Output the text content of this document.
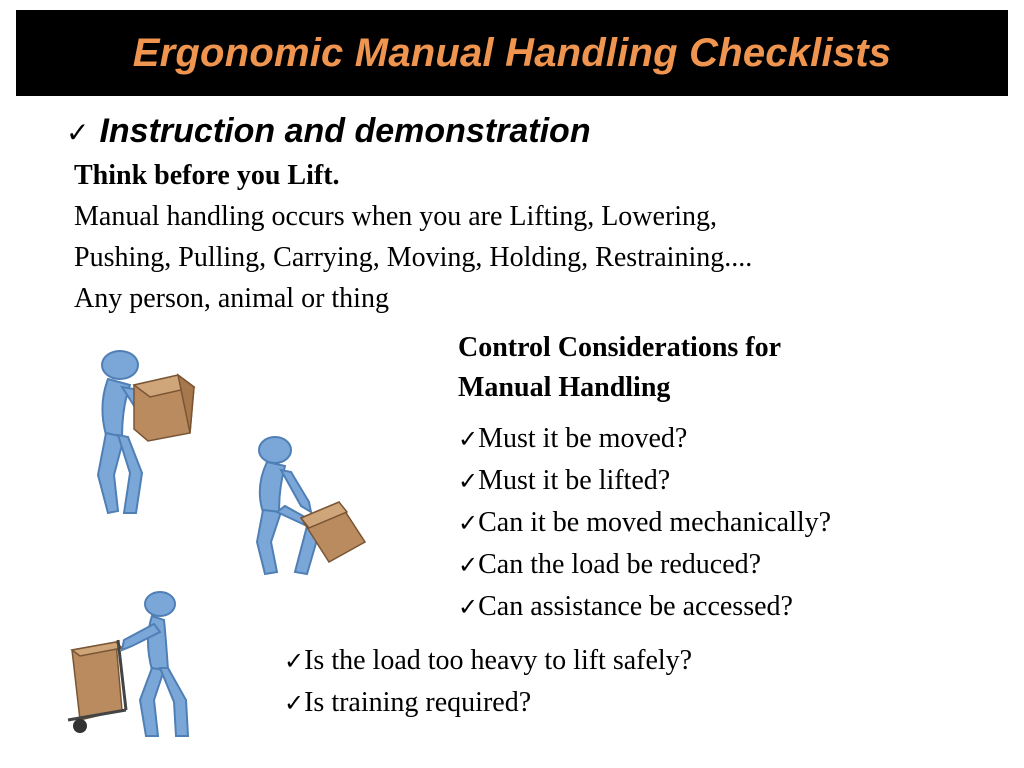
Ergonomic Manual Handling Checklists
✓ Instruction and demonstration
Think before you Lift.
Manual handling occurs when you are Lifting, Lowering,
Pushing, Pulling, Carrying, Moving, Holding, Restraining....
Any person, animal or thing
Control Considerations for
Manual Handling
✓Must it be moved?
✓Must it be lifted?
✓Can it be moved mechanically?
✓Can the load be reduced?
✓Can assistance be accessed?
✓Is the load too heavy to lift safely?
✓Is training required?
